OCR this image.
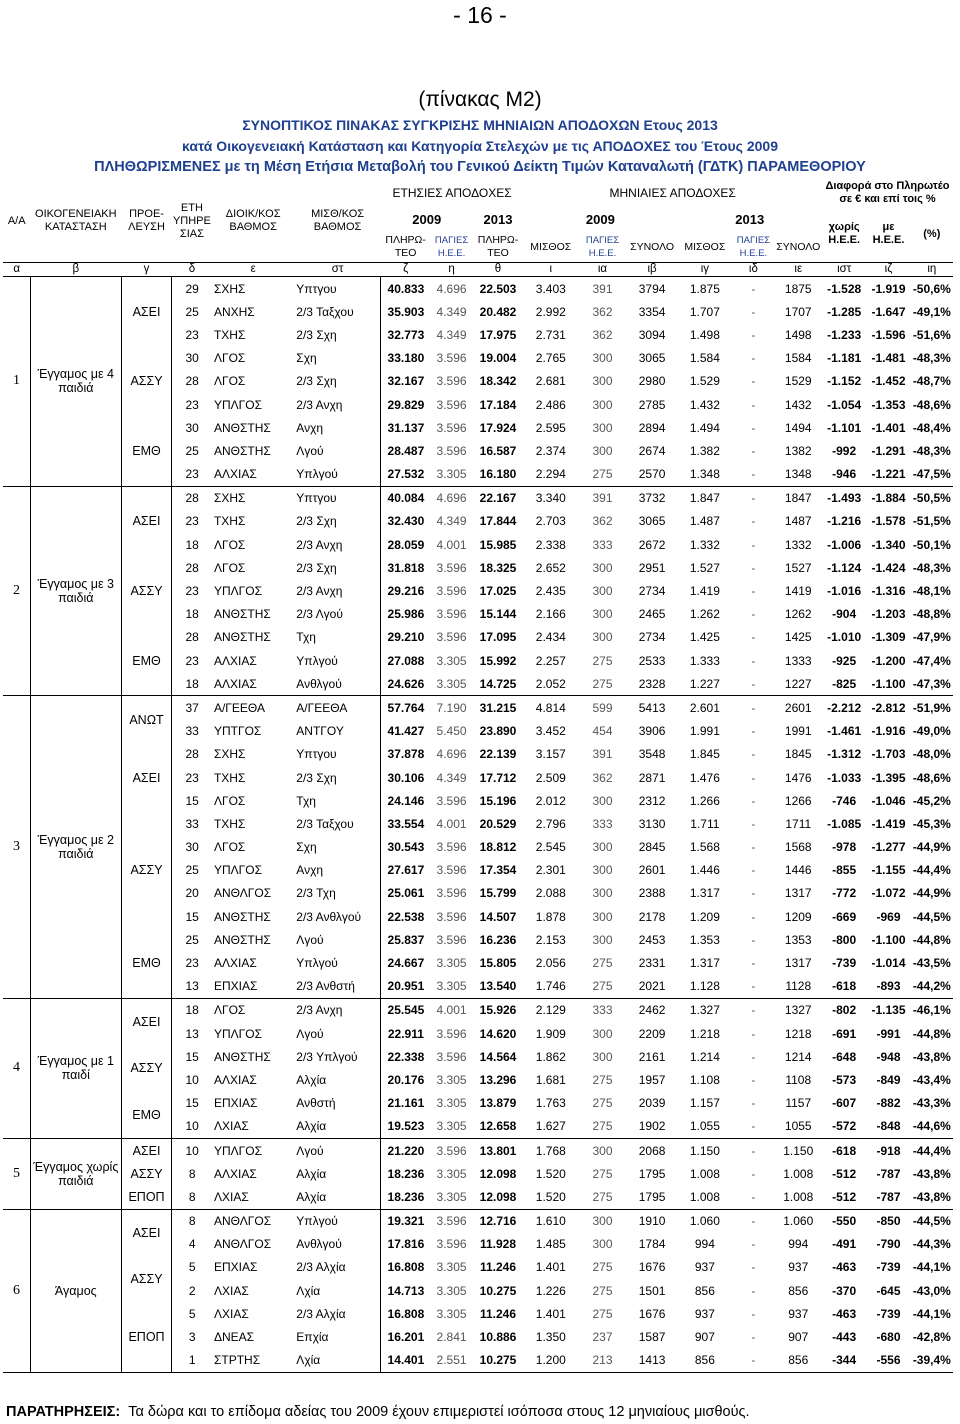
- 16 -
(πίνακας Μ2)
ΣΥΝΟΠΤΙΚΟΣ ΠΙΝΑΚΑΣ ΣΥΓΚΡΙΣΗΣ ΜΗΝΙΑΙΩΝ ΑΠΟΔΟΧΩΝ Ετους 2013
κατά Οικογενειακή Κατάσταση και Κατηγορία Στελεχών με τις ΑΠΟΔΟΧΕΣ του Έτους 2009
ΠΛΗΘΩΡΙΣΜΕΝΕΣ με τη Μέση Ετήσια Μεταβολή του Γενικού Δείκτη Τιμών Καταναλωτή (ΓΔΤΚ) ΠΑΡΑΜΕΘΟΡΙΟΥ
Α/Α	ΟΙΚΟΓΕΝΕΙΑΚΗ ΚΑΤΑΣΤΑΣΗ	ΠΡΟΕ-ΛΕΥΣΗ	ΕΤΗ ΥΠΗΡΕ ΣΙΑΣ	ΔΙΟΙΚ/ΚΟΣ ΒΑΘΜΟΣ	ΜΙΣΘ/ΚΟΣ ΒΑΘΜΟΣ	ΕΤΗΣΙΕΣ ΑΠΟΔΟΧΕΣ			ΜΗΝΙΑΙΕΣ ΑΠΟΔΟΧΕΣ						Διαφορά στο Πληρωτέο σε € και επί τοις %		
						2009		2013	2009			2013			χωρίς Η.Ε.Ε.	με Η.Ε.Ε.	(%)
						ΠΛΗΡΩ-ΤΕΟ	ΠΑΓΙΕΣ Η.Ε.Ε.	ΠΛΗΡΩ-ΤΕΟ	ΜΙΣΘΟΣ	ΠΑΓΙΕΣ Η.Ε.Ε.	ΣΥΝΟΛΟ	ΜΙΣΘΟΣ	ΠΑΓΙΕΣ Η.Ε.Ε.	ΣΥΝΟΛΟ			
α	β	γ	δ	ε	στ	ζ	η	θ	ι	ια	ιβ	ιγ	ιδ	ιε	ιστ	ιζ	ιη
1	Έγγαμος με 4 παιδιά	ΑΣΕΙ	29	ΣΧΗΣ	Υπτγου	40.833	4.696	22.503	3.403	391	3794	1.875	-	1875	-1.528	-1.919	-50,6%
			25	ΑΝΧΗΣ	2/3 Ταξχου	35.903	4.349	20.482	2.992	362	3354	1.707	-	1707	-1.285	-1.647	-49,1%
			23	ΤΧΗΣ	2/3 Σχη	32.773	4.349	17.975	2.731	362	3094	1.498	-	1498	-1.233	-1.596	-51,6%
		ΑΣΣΥ	30	ΛΓΟΣ	Σχη	33.180	3.596	19.004	2.765	300	3065	1.584	-	1584	-1.181	-1.481	-48,3%
			28	ΛΓΟΣ	2/3 Σχη	32.167	3.596	18.342	2.681	300	2980	1.529	-	1529	-1.152	-1.452	-48,7%
			23	ΥΠΛΓΟΣ	2/3 Ανχη	29.829	3.596	17.184	2.486	300	2785	1.432	-	1432	-1.054	-1.353	-48,6%
		ΕΜΘ	30	ΑΝΘΣΤΗΣ	Ανχη	31.137	3.596	17.924	2.595	300	2894	1.494	-	1494	-1.101	-1.401	-48,4%
			25	ΑΝΘΣΤΗΣ	Λγού	28.487	3.596	16.587	2.374	300	2674	1.382	-	1382	-992	-1.291	-48,3%
			23	ΑΛΧΙΑΣ	Υπλγού	27.532	3.305	16.180	2.294	275	2570	1.348	-	1348	-946	-1.221	-47,5%
2	Έγγαμος με 3 παιδιά	ΑΣΕΙ	28	ΣΧΗΣ	Υπτγου	40.084	4.696	22.167	3.340	391	3732	1.847	-	1847	-1.493	-1.884	-50,5%
			23	ΤΧΗΣ	2/3 Σχη	32.430	4.349	17.844	2.703	362	3065	1.487	-	1487	-1.216	-1.578	-51,5%
			18	ΛΓΟΣ	2/3 Ανχη	28.059	4.001	15.985	2.338	333	2672	1.332	-	1332	-1.006	-1.340	-50,1%
		ΑΣΣΥ	28	ΛΓΟΣ	2/3 Σχη	31.818	3.596	18.325	2.652	300	2951	1.527	-	1527	-1.124	-1.424	-48,3%
			23	ΥΠΛΓΟΣ	2/3 Ανχη	29.216	3.596	17.025	2.435	300	2734	1.419	-	1419	-1.016	-1.316	-48,1%
			18	ΑΝΘΣΤΗΣ	2/3 Λγού	25.986	3.596	15.144	2.166	300	2465	1.262	-	1262	-904	-1.203	-48,8%
		ΕΜΘ	28	ΑΝΘΣΤΗΣ	Τχη	29.210	3.596	17.095	2.434	300	2734	1.425	-	1425	-1.010	-1.309	-47,9%
			23	ΑΛΧΙΑΣ	Υπλγού	27.088	3.305	15.992	2.257	275	2533	1.333	-	1333	-925	-1.200	-47,4%
			18	ΑΛΧΙΑΣ	Ανθλγού	24.626	3.305	14.725	2.052	275	2328	1.227	-	1227	-825	-1.100	-47,3%
3	Έγγαμος με 2 παιδιά	ΑΝΩΤ	37	Α/ΓΕΕΘΑ	Α/ΓΕΕΘΑ	57.764	7.190	31.215	4.814	599	5413	2.601	-	2601	-2.212	-2.812	-51,9%
			33	ΥΠΤΓΟΣ	ΑΝΤΓΟΥ	41.427	5.450	23.890	3.452	454	3906	1.991	-	1991	-1.461	-1.916	-49,0%
		ΑΣΕΙ	28	ΣΧΗΣ	Υπτγου	37.878	4.696	22.139	3.157	391	3548	1.845	-	1845	-1.312	-1.703	-48,0%
			23	ΤΧΗΣ	2/3 Σχη	30.106	4.349	17.712	2.509	362	2871	1.476	-	1476	-1.033	-1.395	-48,6%
			15	ΛΓΟΣ	Τχη	24.146	3.596	15.196	2.012	300	2312	1.266	-	1266	-746	-1.046	-45,2%
		ΑΣΣΥ	33	ΤΧΗΣ	2/3 Ταξχου	33.554	4.001	20.529	2.796	333	3130	1.711	-	1711	-1.085	-1.419	-45,3%
			30	ΛΓΟΣ	Σχη	30.543	3.596	18.812	2.545	300	2845	1.568	-	1568	-978	-1.277	-44,9%
			25	ΥΠΛΓΟΣ	Ανχη	27.617	3.596	17.354	2.301	300	2601	1.446	-	1446	-855	-1.155	-44,4%
			20	ΑΝΘΛΓΟΣ	2/3 Τχη	25.061	3.596	15.799	2.088	300	2388	1.317	-	1317	-772	-1.072	-44,9%
			15	ΑΝΘΣΤΗΣ	2/3 Ανθλγού	22.538	3.596	14.507	1.878	300	2178	1.209	-	1209	-669	-969	-44,5%
		ΕΜΘ	25	ΑΝΘΣΤΗΣ	Λγού	25.837	3.596	16.236	2.153	300	2453	1.353	-	1353	-800	-1.100	-44,8%
			23	ΑΛΧΙΑΣ	Υπλγού	24.667	3.305	15.805	2.056	275	2331	1.317	-	1317	-739	-1.014	-43,5%
			13	ΕΠΧΙΑΣ	2/3 Ανθστή	20.951	3.305	13.540	1.746	275	2021	1.128	-	1128	-618	-893	-44,2%
4	Έγγαμος με 1 παιδί	ΑΣΕΙ	18	ΛΓΟΣ	2/3 Ανχη	25.545	4.001	15.926	2.129	333	2462	1.327	-	1327	-802	-1.135	-46,1%
			13	ΥΠΛΓΟΣ	Λγού	22.911	3.596	14.620	1.909	300	2209	1.218	-	1218	-691	-991	-44,8%
		ΑΣΣΥ	15	ΑΝΘΣΤΗΣ	2/3 Υπλγού	22.338	3.596	14.564	1.862	300	2161	1.214	-	1214	-648	-948	-43,8%
			10	ΑΛΧΙΑΣ	Αλχία	20.176	3.305	13.296	1.681	275	1957	1.108	-	1108	-573	-849	-43,4%
		ΕΜΘ	15	ΕΠΧΙΑΣ	Ανθστή	21.161	3.305	13.879	1.763	275	2039	1.157	-	1157	-607	-882	-43,3%
			10	ΛΧΙΑΣ	Αλχία	19.523	3.305	12.658	1.627	275	1902	1.055	-	1055	-572	-848	-44,6%
5	Έγγαμος χωρίς παιδιά	ΑΣΕΙ	10	ΥΠΛΓΟΣ	Λγού	21.220	3.596	13.801	1.768	300	2068	1.150	-	1.150	-618	-918	-44,4%
		ΑΣΣΥ	8	ΑΛΧΙΑΣ	Αλχία	18.236	3.305	12.098	1.520	275	1795	1.008	-	1.008	-512	-787	-43,8%
		ΕΠΟΠ	8	ΛΧΙΑΣ	Αλχία	18.236	3.305	12.098	1.520	275	1795	1.008	-	1.008	-512	-787	-43,8%
6	Άγαμος	ΑΣΕΙ	8	ΑΝΘΛΓΟΣ	Υπλγού	19.321	3.596	12.716	1.610	300	1910	1.060	-	1.060	-550	-850	-44,5%
			4	ΑΝΘΛΓΟΣ	Ανθλγού	17.816	3.596	11.928	1.485	300	1784	994	-	994	-491	-790	-44,3%
		ΑΣΣΥ	5	ΕΠΧΙΑΣ	2/3 Αλχία	16.808	3.305	11.246	1.401	275	1676	937	-	937	-463	-739	-44,1%
			2	ΛΧΙΑΣ	Λχία	14.713	3.305	10.275	1.226	275	1501	856	-	856	-370	-645	-43,0%
		ΕΠΟΠ	5	ΛΧΙΑΣ	2/3 Αλχία	16.808	3.305	11.246	1.401	275	1676	937	-	937	-463	-739	-44,1%
			3	ΔΝΕΑΣ	Επχία	16.201	2.841	10.886	1.350	237	1587	907	-	907	-443	-680	-42,8%
			1	ΣΤΡΤΗΣ	Λχία	14.401	2.551	10.275	1.200	213	1413	856	-	856	-344	-556	-39,4%
ΠΑΡΑΤΗΡΗΣΕΙΣ: Τα δώρα και το επίδομα αδείας του 2009 έχουν επιμεριστεί ισόποσα στους 12 μηνιαίους μισθούς.
